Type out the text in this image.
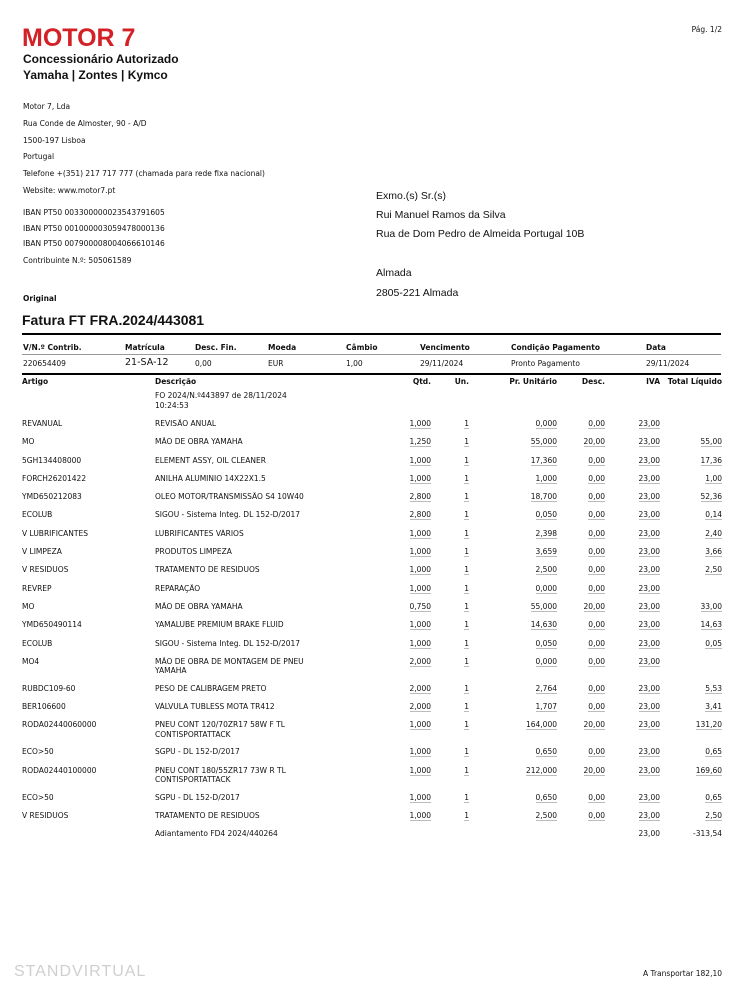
MOTOR 7	Pág. 1/2
Concessionário Autorizado
Yamaha | Zontes | Kymco
Motor 7, Lda
Rua Conde de Almoster, 90 - A/D
1500-197 Lisboa
Portugal
Telefone +(351) 217 717 777 (chamada para rede fixa nacional)
Website: www.motor7.pt
IBAN PT50 003300000023543791605
IBAN PT50 001000003059478000136
IBAN PT50 007900008004066610146
Contribuinte N.º: 505061589
Exmo.(s) Sr.(s)
Rui Manuel Ramos da Silva
Rua de Dom Pedro de Almeida Portugal 10B
Almada
2805-221 Almada
Original
Fatura FT FRA.2024/443081
V/N.º Contrib.	Matrícula	Desc. Fin.	Moeda	Câmbio	Vencimento	Condição Pagamento	Data
220654409	21-SA-12	0,00	EUR	1,00	29/11/2024	Pronto Pagamento	29/11/2024
Artigo	Descrição	Qtd.	Un.	Pr. Unitário	Desc.	IVA	Total Líquido
	FO 2024/N.º443897 de 28/11/2024
10:24:53						
REVANUAL	REVISÃO ANUAL	1,000	1	0,000	0,00	23,00	
MO	MÃO DE OBRA YAMAHA	1,250	1	55,000	20,00	23,00	55,00
5GH134408000	ELEMENT ASSY, OIL CLEANER	1,000	1	17,360	0,00	23,00	17,36
FORCH26201422	ANILHA ALUMINIO 14X22X1.5	1,000	1	1,000	0,00	23,00	1,00
YMD650212083	OLEO MOTOR/TRANSMISSÃO S4 10W40	2,800	1	18,700	0,00	23,00	52,36
ECOLUB	SIGOU - Sistema Integ. DL 152-D/2017	2,800	1	0,050	0,00	23,00	0,14
V LUBRIFICANTES	LUBRIFICANTES VÁRIOS	1,000	1	2,398	0,00	23,00	2,40
V LIMPEZA	PRODUTOS LIMPEZA	1,000	1	3,659	0,00	23,00	3,66
V RESIDUOS	TRATAMENTO DE RESIDUOS	1,000	1	2,500	0,00	23,00	2,50
REVREP	REPARAÇÃO	1,000	1	0,000	0,00	23,00	
MO	MÃO DE OBRA YAMAHA	0,750	1	55,000	20,00	23,00	33,00
YMD650490114	YAMALUBE PREMIUM BRAKE FLUID	1,000	1	14,630	0,00	23,00	14,63
ECOLUB	SIGOU - Sistema Integ. DL 152-D/2017	1,000	1	0,050	0,00	23,00	0,05
MO4	MÃO DE OBRA DE MONTAGEM DE PNEU
YAMAHA	2,000	1	0,000	0,00	23,00	
RUBDC109-60	PESO DE CALIBRAGEM PRETO	2,000	1	2,764	0,00	23,00	5,53
BER106600	VÁLVULA TUBLESS MOTA TR412	2,000	1	1,707	0,00	23,00	3,41
RODA02440060000	PNEU CONT 120/70ZR17 58W F TL
CONTISPORTATTACK	1,000	1	164,000	20,00	23,00	131,20
ECO>50	SGPU - DL 152-D/2017	1,000	1	0,650	0,00	23,00	0,65
RODA02440100000	PNEU CONT 180/55ZR17 73W R TL
CONTISPORTATTACK	1,000	1	212,000	20,00	23,00	169,60
ECO>50	SGPU - DL 152-D/2017	1,000	1	0,650	0,00	23,00	0,65
V RESIDUOS	TRATAMENTO DE RESIDUOS	1,000	1	2,500	0,00	23,00	2,50
	Adiantamento FD4 2024/440264					23,00	-313,54
A Transportar 182,10
STANDVIRTUAL
